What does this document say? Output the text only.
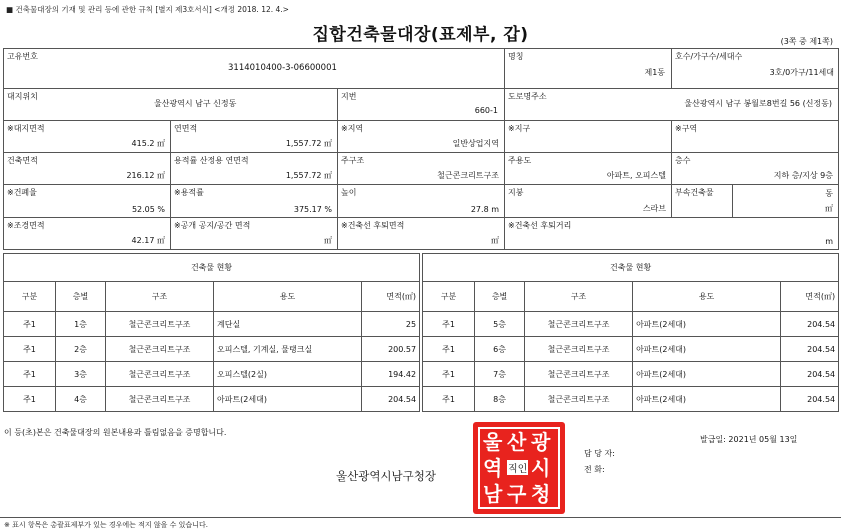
■ 건축물대장의 기재 및 관리 등에 관한 규칙 [별지 제3호서식] <개정 2018. 12. 4.>
집합건축물대장(표제부, 갑)	(3쪽 중 제1쪽)
고유번호
3114010400-3-06600001

명칭
제1동

호수/가구수/세대수
3호/0가구/11세대
대지위치
울산광역시 남구 신정동

지번
660-1

도로명주소
울산광역시 남구 봉월로8번길 56 (신정동)

※대지면적
415.2 ㎡

연면적
1,557.72 ㎡

※지역
일반상업지역

※지구	※구역

건축면적
216.12 ㎡

용적률 산정용 연면적
1,557.72 ㎡

주구조
철근콘크리트구조

주용도
아파트, 오피스텔

층수
지하 층/지상 9층

※건폐율
52.05 %

※용적률
375.17 %

높이
27.8 m

지붕
스라브

부속건축물	동
㎡

※조경면적
42.17 ㎡

※공개 공지/공간 면적
㎡

※건축선 후퇴면적
㎡

※건축선 후퇴거리
m
건축물 현황						건축물 현황				
구분	층별	구조	용도	면적(㎡)		구분	층별	구조	용도	면적(㎡)
주1	1층	철근콘크리트구조	계단실	25		주1	5층	철근콘크리트구조	아파트(2세대)	204.54
주1	2층	철근콘크리트구조	오피스텔, 기계실, 물탱크실	200.57		주1	6층	철근콘크리트구조	아파트(2세대)	204.54
주1	3층	철근콘크리트구조	오피스텔(2실)	194.42		주1	7층	철근콘크리트구조	아파트(2세대)	204.54
주1	4층	철근콘크리트구조	아파트(2세대)	204.54		주1	8층	철근콘크리트구조	아파트(2세대)	204.54
이 등(초)본은 건축물대장의 원본내용과 틀림없음을 증명합니다.
발급일: 2021년 05월 13일
울산광역시남구청장
울 산 광
역 시
남 구 청
직인
담 당 자:
전 화:
※ 표시 항목은 총괄표제부가 있는 경우에는 적지 않을 수 있습니다.
